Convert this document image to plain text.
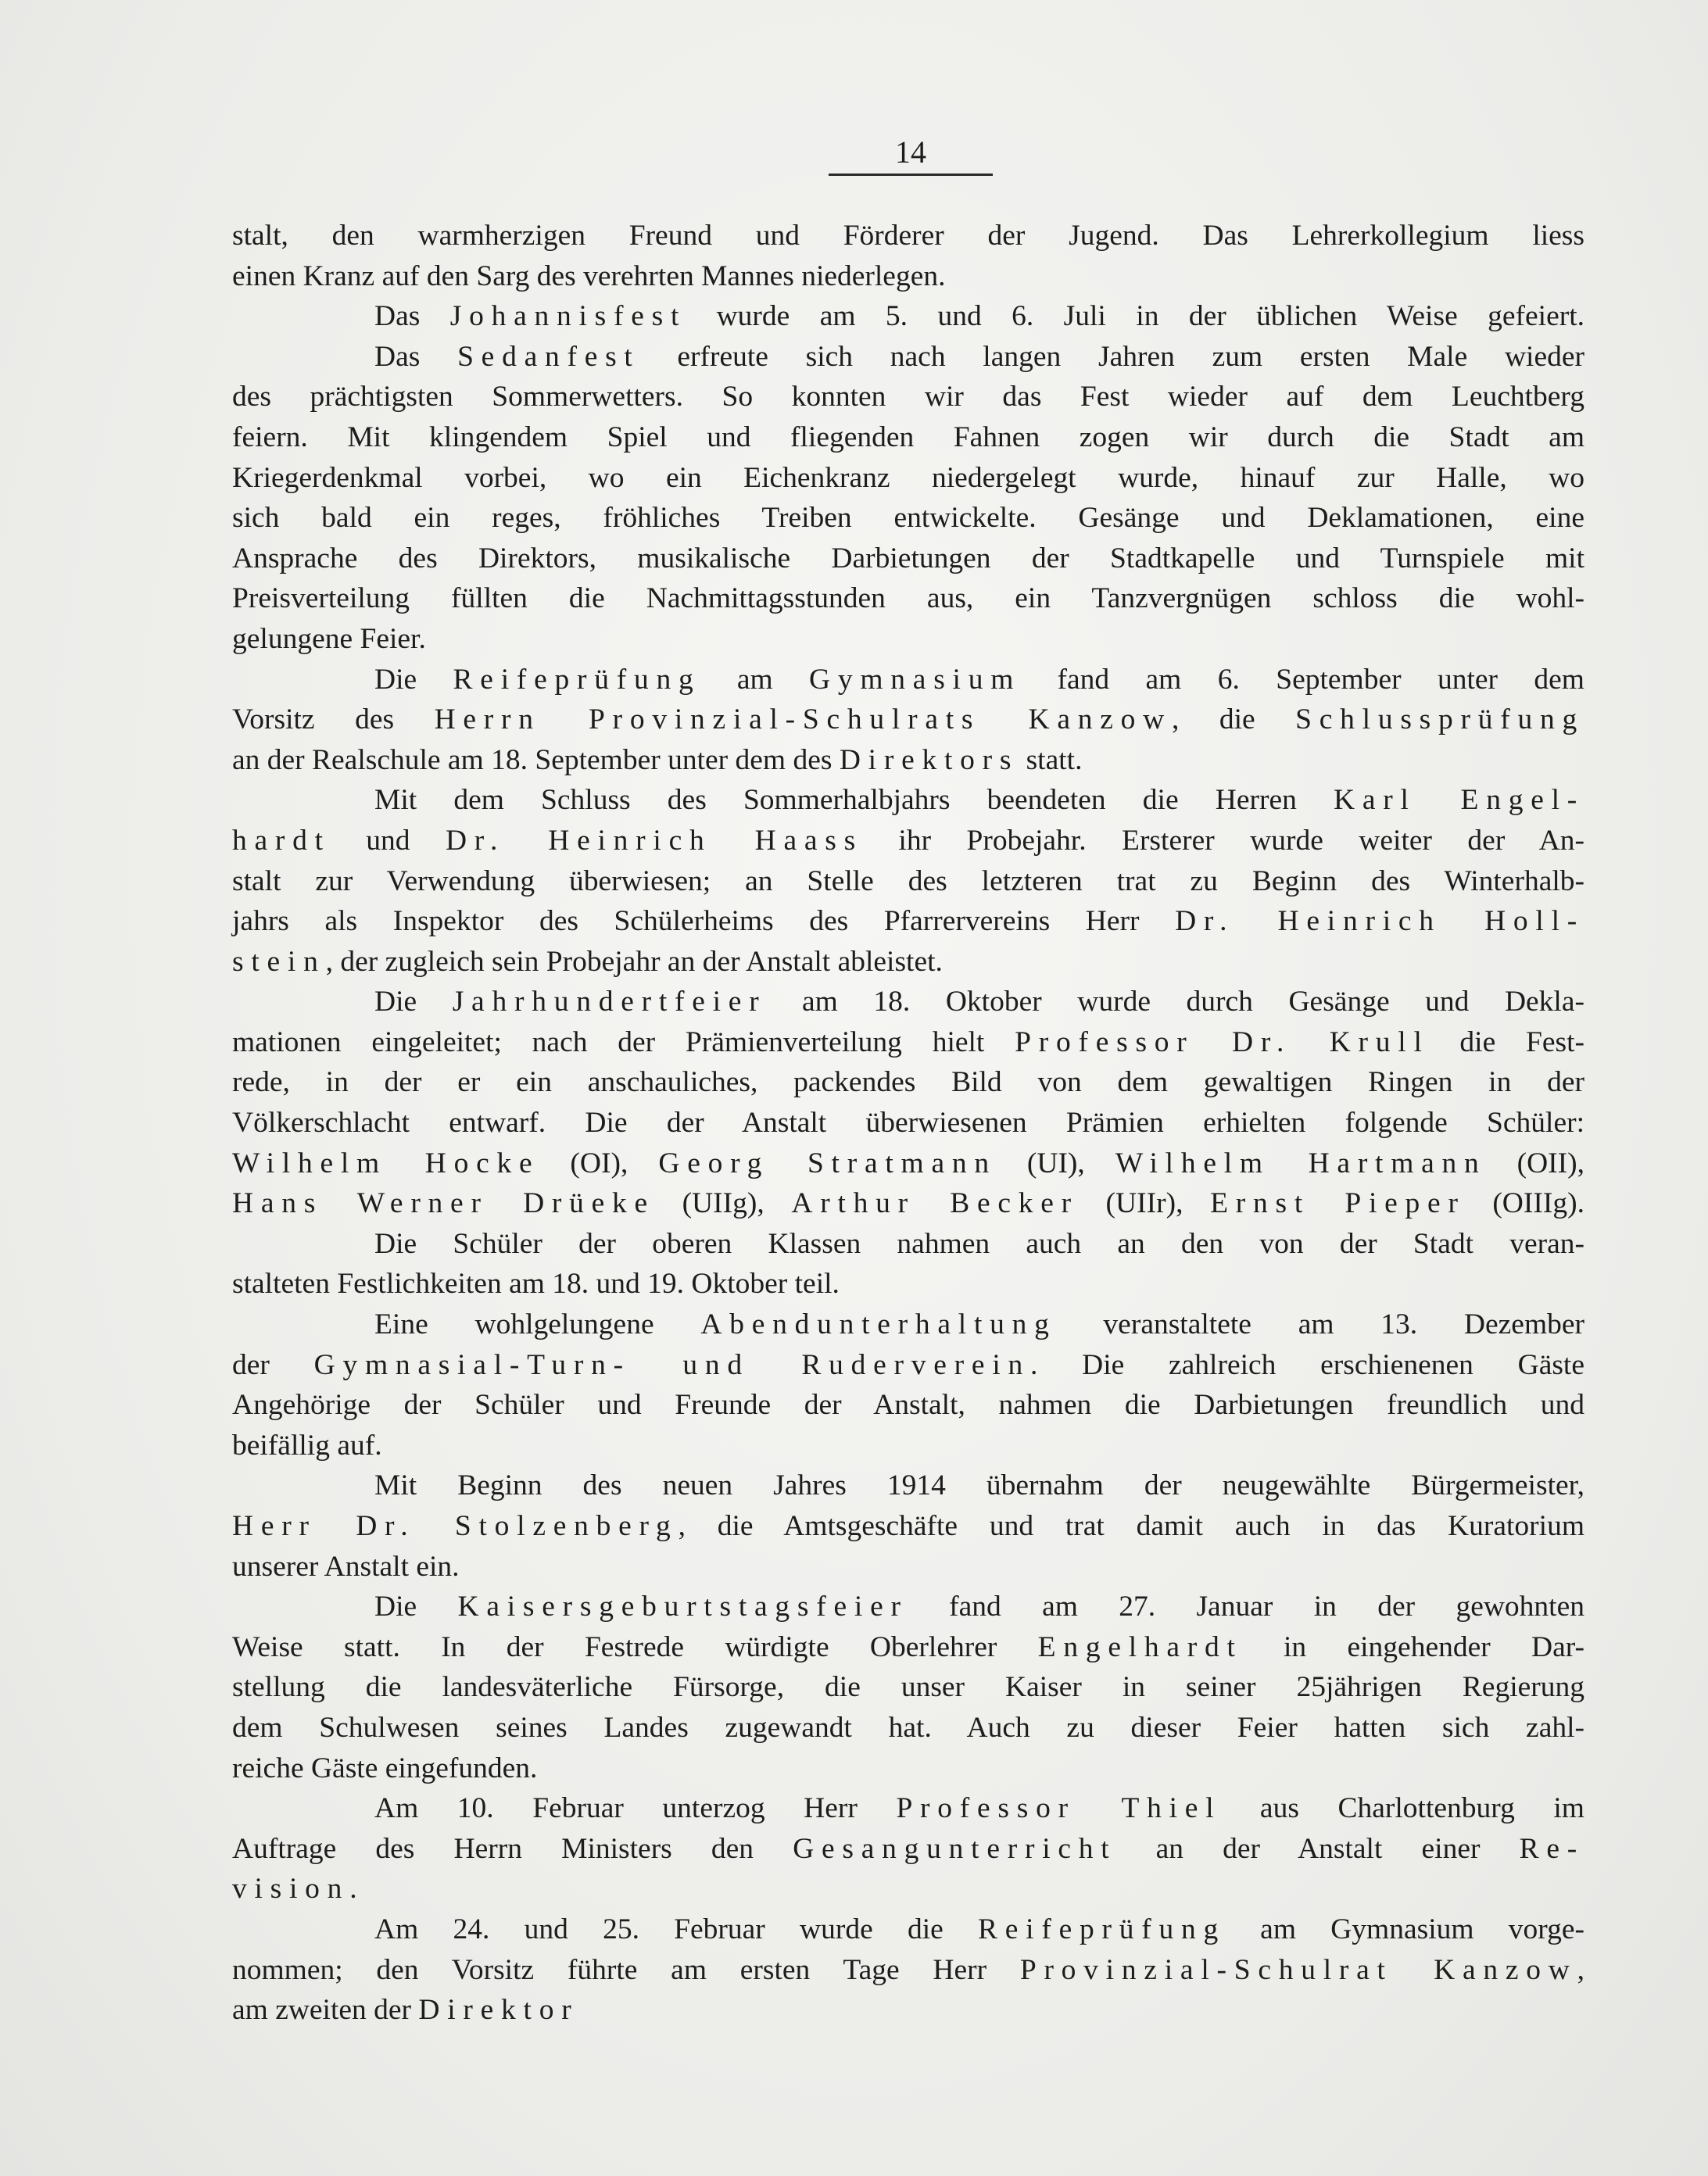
14
stalt, den warmherzigen Freund und Förderer der Jugend. Das Lehrerkollegium liess
einen Kranz auf den Sarg des verehrten Mannes niederlegen.
Das Johannisfest wurde am 5. und 6. Juli in der üblichen Weise gefeiert.
Das Sedanfest erfreute sich nach langen Jahren zum ersten Male wieder
des prächtigsten Sommerwetters. So konnten wir das Fest wieder auf dem Leuchtberg
feiern. Mit klingendem Spiel und fliegenden Fahnen zogen wir durch die Stadt am
Kriegerdenkmal vorbei, wo ein Eichenkranz niedergelegt wurde, hinauf zur Halle, wo
sich bald ein reges, fröhliches Treiben entwickelte. Gesänge und Deklamationen, eine
Ansprache des Direktors, musikalische Darbietungen der Stadtkapelle und Turnspiele mit
Preisverteilung füllten die Nachmittagsstunden aus, ein Tanzvergnügen schloss die wohl-
gelungene Feier.
Die Reifeprüfung am Gymnasium fand am 6. September unter dem
Vorsitz des Herrn Provinzial-Schulrats Kanzow, die Schlussprüfung
an der Realschule am 18. September unter dem des Direktors statt.
Mit dem Schluss des Sommerhalbjahrs beendeten die Herren Karl Engel-
hardt und Dr. Heinrich Haass ihr Probejahr. Ersterer wurde weiter der An-
stalt zur Verwendung überwiesen; an Stelle des letzteren trat zu Beginn des Winterhalb-
jahrs als Inspektor des Schülerheims des Pfarrervereins Herr Dr. Heinrich Holl-
stein, der zugleich sein Probejahr an der Anstalt ableistet.
Die Jahrhundertfeier am 18. Oktober wurde durch Gesänge und Dekla-
mationen eingeleitet; nach der Prämienverteilung hielt Professor Dr. Krull die Fest-
rede, in der er ein anschauliches, packendes Bild von dem gewaltigen Ringen in der
Völkerschlacht entwarf. Die der Anstalt überwiesenen Prämien erhielten folgende Schüler:
Wilhelm Hocke (OI), Georg Stratmann (UI), Wilhelm Hartmann (OII),
Hans Werner Drüeke (UIIg), Arthur Becker (UIIr), Ernst Pieper (OIIIg).
Die Schüler der oberen Klassen nahmen auch an den von der Stadt veran-
stalteten Festlichkeiten am 18. und 19. Oktober teil.
Eine wohlgelungene Abendunterhaltung veranstaltete am 13. Dezember
der Gymnasial-Turn- und Ruderverein. Die zahlreich erschienenen Gäste
Angehörige der Schüler und Freunde der Anstalt, nahmen die Darbietungen freundlich und
beifällig auf.
Mit Beginn des neuen Jahres 1914 übernahm der neugewählte Bürgermeister,
Herr Dr. Stolzenberg, die Amtsgeschäfte und trat damit auch in das Kuratorium
unserer Anstalt ein.
Die Kaisersgeburtstagsfeier fand am 27. Januar in der gewohnten
Weise statt. In der Festrede würdigte Oberlehrer Engelhardt in eingehender Dar-
stellung die landesväterliche Fürsorge, die unser Kaiser in seiner 25jährigen Regierung
dem Schulwesen seines Landes zugewandt hat. Auch zu dieser Feier hatten sich zahl-
reiche Gäste eingefunden.
Am 10. Februar unterzog Herr Professor Thiel aus Charlottenburg im
Auftrage des Herrn Ministers den Gesangunterricht an der Anstalt einer Re-
vision.
Am 24. und 25. Februar wurde die Reifeprüfung am Gymnasium vorge-
nommen; den Vorsitz führte am ersten Tage Herr Provinzial-Schulrat Kanzow,
am zweiten der Direktor
